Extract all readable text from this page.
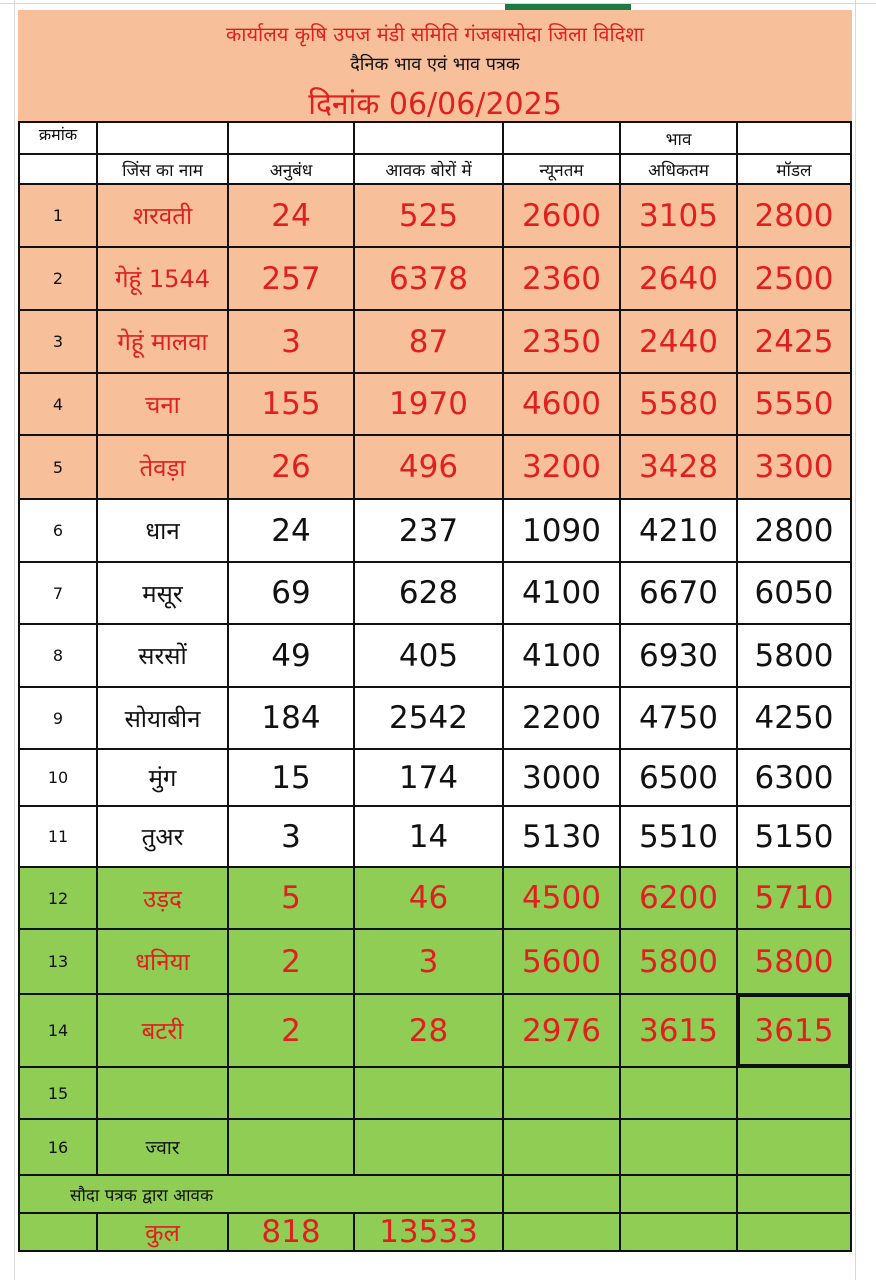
कार्यालय कृषि उपज मंडी समिति गंजबासोदा जिला विदिशा
दैनिक भाव एवं भाव पत्रक
दिनांक 06/06/2025
क्रमांक					भाव	
	जिंस का नाम	अनुबंध	आवक बोरों में	न्यूनतम	अधिकतम	मॉडल
1	शरवती	24	525	2600	3105	2800
2	गेहूं 1544	257	6378	2360	2640	2500
3	गेहूं मालवा	3	87	2350	2440	2425
4	चना	155	1970	4600	5580	5550
5	तेवड़ा	26	496	3200	3428	3300
6	धान	24	237	1090	4210	2800
7	मसूर	69	628	4100	6670	6050
8	सरसों	49	405	4100	6930	5800
9	सोयाबीन	184	2542	2200	4750	4250
10	मुंग	15	174	3000	6500	6300
11	तुअर	3	14	5130	5510	5150
12	उड़द	5	46	4500	6200	5710
13	धनिया	2	3	5600	5800	5800
14	बटरी	2	28	2976	3615	3615
15						
16	ज्वार					
सौदा पत्रक द्वारा आवक						
	कुल	818	13533			
